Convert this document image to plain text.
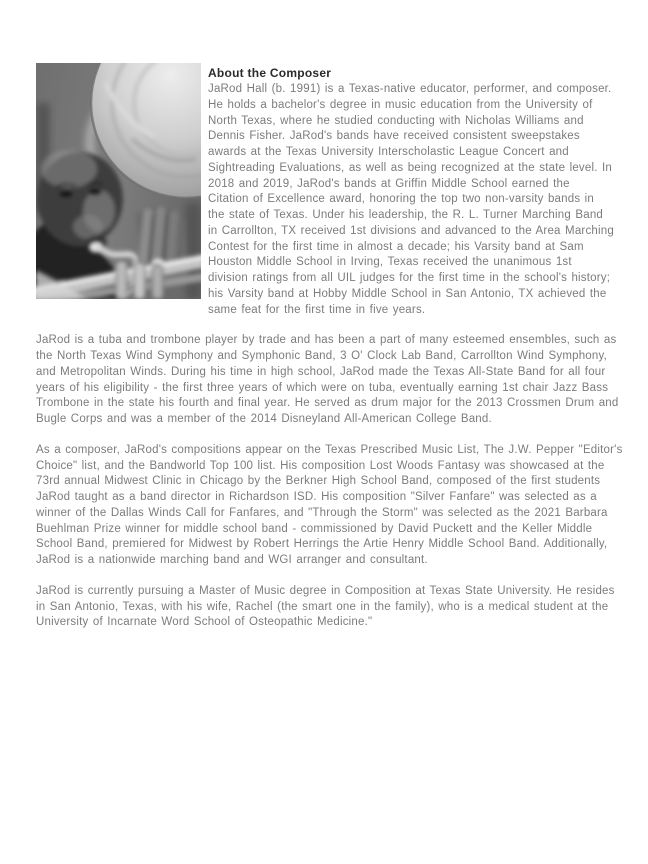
About the Composer

JaRod Hall (b. 1991) is a Texas-native educator, performer, and composer. He holds a bachelor's degree in music education from the University of North Texas, where he studied conducting with Nicholas Williams and Dennis Fisher. JaRod's bands have received consistent sweepstakes awards at the Texas University Interscholastic League Concert and Sightreading Evaluations, as well as being recognized at the state level. In 2018 and 2019, JaRod's bands at Griffin Middle School earned the Citation of Excellence award, honoring the top two non-varsity bands in the state of Texas. Under his leadership, the R. L. Turner Marching Band in Carrollton, TX received 1st divisions and advanced to the Area Marching Contest for the first time in almost a decade; his Varsity band at Sam Houston Middle School in Irving, Texas received the unanimous 1st division ratings from all UIL judges for the first time in the school's history; his Varsity band at Hobby Middle School in San Antonio, TX achieved the same feat for the first time in five years.

JaRod is a tuba and trombone player by trade and has been a part of many esteemed ensembles, such as the North Texas Wind Symphony and Symphonic Band, 3 O' Clock Lab Band, Carrollton Wind Symphony, and Metropolitan Winds. During his time in high school, JaRod made the Texas All-State Band for all four years of his eligibility - the first three years of which were on tuba, eventually earning 1st chair Jazz Bass Trombone in the state his fourth and final year. He served as drum major for the 2013 Crossmen Drum and Bugle Corps and was a member of the 2014 Disneyland All-American College Band.

As a composer, JaRod's compositions appear on the Texas Prescribed Music List, The J.W. Pepper "Editor's Choice" list, and the Bandworld Top 100 list. His composition Lost Woods Fantasy was showcased at the 73rd annual Midwest Clinic in Chicago by the Berkner High School Band, composed of the first students JaRod taught as a band director in Richardson ISD. His composition "Silver Fanfare" was selected as a winner of the Dallas Winds Call for Fanfares, and "Through the Storm" was selected as the 2021 Barbara Buehlman Prize winner for middle school band - commissioned by David Puckett and the Keller Middle School Band, premiered for Midwest by Robert Herrings the Artie Henry Middle School Band. Additionally, JaRod is a nationwide marching band and WGI arranger and consultant.

JaRod is currently pursuing a Master of Music degree in Composition at Texas State University. He resides in San Antonio, Texas, with his wife, Rachel (the smart one in the family), who is a medical student at the University of Incarnate Word School of Osteopathic Medicine."
